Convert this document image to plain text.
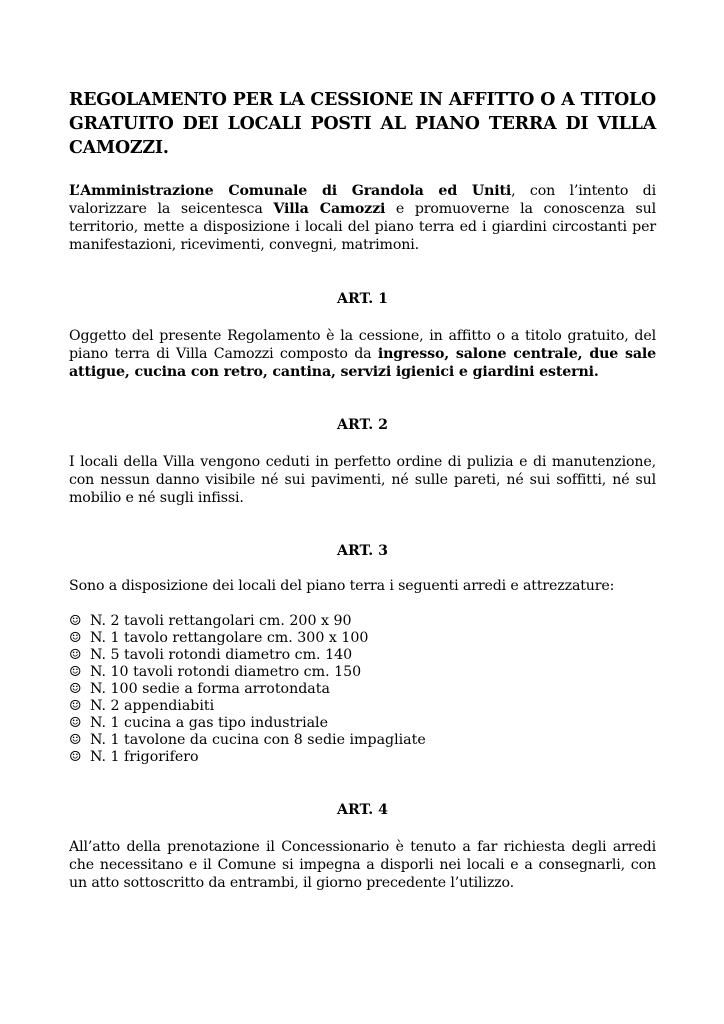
REGOLAMENTO PER LA CESSIONE IN AFFITTO O A TITOLO GRATUITO DEI LOCALI POSTI AL PIANO TERRA DI VILLA CAMOZZI.

L’Amministrazione Comunale di Grandola ed Uniti, con l’intento di valorizzare la seicentesca Villa Camozzi e promuoverne la conoscenza sul territorio, mette a disposizione i locali del piano terra ed i giardini circostanti per manifestazioni, ricevimenti, convegni, matrimoni.

ART. 1

Oggetto del presente Regolamento è la cessione, in affitto o a titolo gratuito, del piano terra di Villa Camozzi composto da ingresso, salone centrale, due sale attigue, cucina con retro, cantina, servizi igienici e giardini esterni.

ART. 2

I locali della Villa vengono ceduti in perfetto ordine di pulizia e di manutenzione, con nessun danno visibile né sui pavimenti, né sulle pareti, né sui soffitti, né sul mobilio e né sugli infissi.

ART. 3

Sono a disposizione dei locali del piano terra i seguenti arredi e attrezzature:

☺ N. 2 tavoli rettangolari cm. 200 x 90
☺ N. 1 tavolo rettangolare cm. 300 x 100
☺ N. 5 tavoli rotondi diametro cm. 140
☺ N. 10 tavoli rotondi diametro cm. 150
☺ N. 100 sedie a forma arrotondata
☺ N. 2 appendiabiti
☺ N. 1 cucina a gas tipo industriale
☺ N. 1 tavolone da cucina con 8 sedie impagliate
☺ N. 1 frigorifero
ART. 4

All’atto della prenotazione il Concessionario è tenuto a far richiesta degli arredi che necessitano e il Comune si impegna a disporli nei locali e a consegnarli, con un atto sottoscritto da entrambi, il giorno precedente l’utilizzo.
